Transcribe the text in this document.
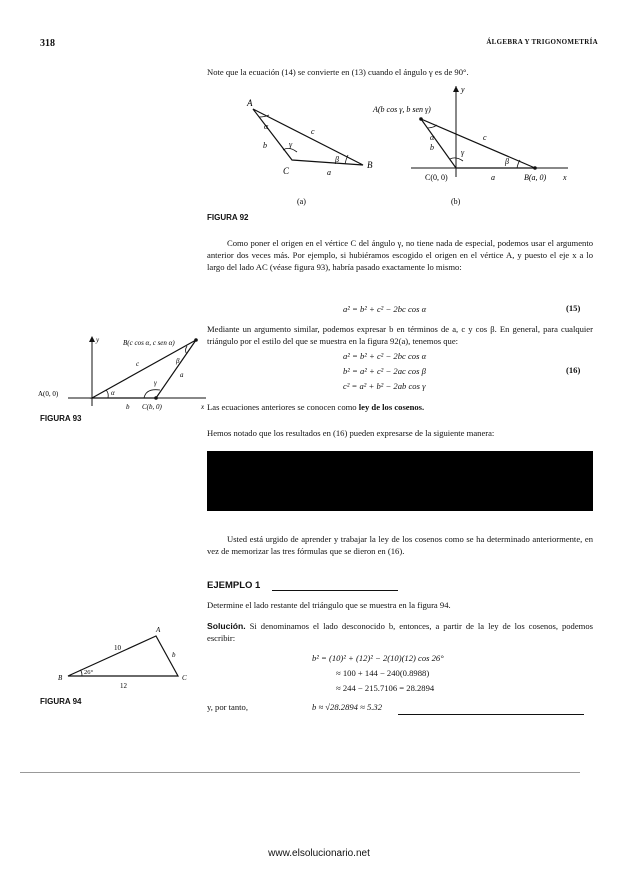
318	ÁLGEBRA Y TRIGONOMETRÍA
Note que la ecuación (14) se convierte en (13) cuando el ángulo γ es de 90°.
A
B
C
α
β
γ
b
c
a
(a)
A(b cos γ, b sen γ)
y
C(0, 0)	B(a, 0) x
α
β
γ
b
c
a
(b)
FIGURA 92
Como poner el origen en el vértice C del ángulo γ, no tiene nada de especial, podemos usar el argumento anterior dos veces más. Por ejemplo, si hubiéramos escogido el origen en el vértice A, y puesto el eje x a lo largo del lado AC (véase figura 93), habría pasado exactamente lo mismo:
a² = b² + c² − 2bc cos α	(15)
Mediante un argumento similar, podemos expresar b en términos de a, c y cos β. En general, para cualquier triángulo por el estilo del que se muestra en la figura 92(a), tenemos que:
a² = b² + c² − 2bc cos α
b² = a² + c² − 2ac cos β
c² = a² + b² − 2ab cos γ
(16)
Las ecuaciones anteriores se conocen como ley de los cosenos.
Hemos notado que los resultados en (16) pueden expresarse de la siguiente manera:
Usted está urgido de aprender y trabajar la ley de los cosenos como se ha determinado anteriormente, en vez de memorizar las tres fórmulas que se dieron en (16).
y	B(c cos α, c sen α)
A(0, 0)
C(b, 0)	x
b
c
a
α
β
γ
FIGURA 93
EJEMPLO 1
Determine el lado restante del triángulo que se muestra en la figura 94.
Solución. Si denominamos el lado desconocido b, entonces, a partir de la ley de los cosenos, podemos escribir:
b² = (10)² + (12)² − 2(10)(12) cos 26°
≈ 100 + 144 − 240(0.8988)
≈ 244 − 215.7106 = 28.2894
y, por tanto,	b ≈ √28.2894 ≈ 5.32
A
B	C
26°
10
12
b
FIGURA 94
www.elsolucionario.net
